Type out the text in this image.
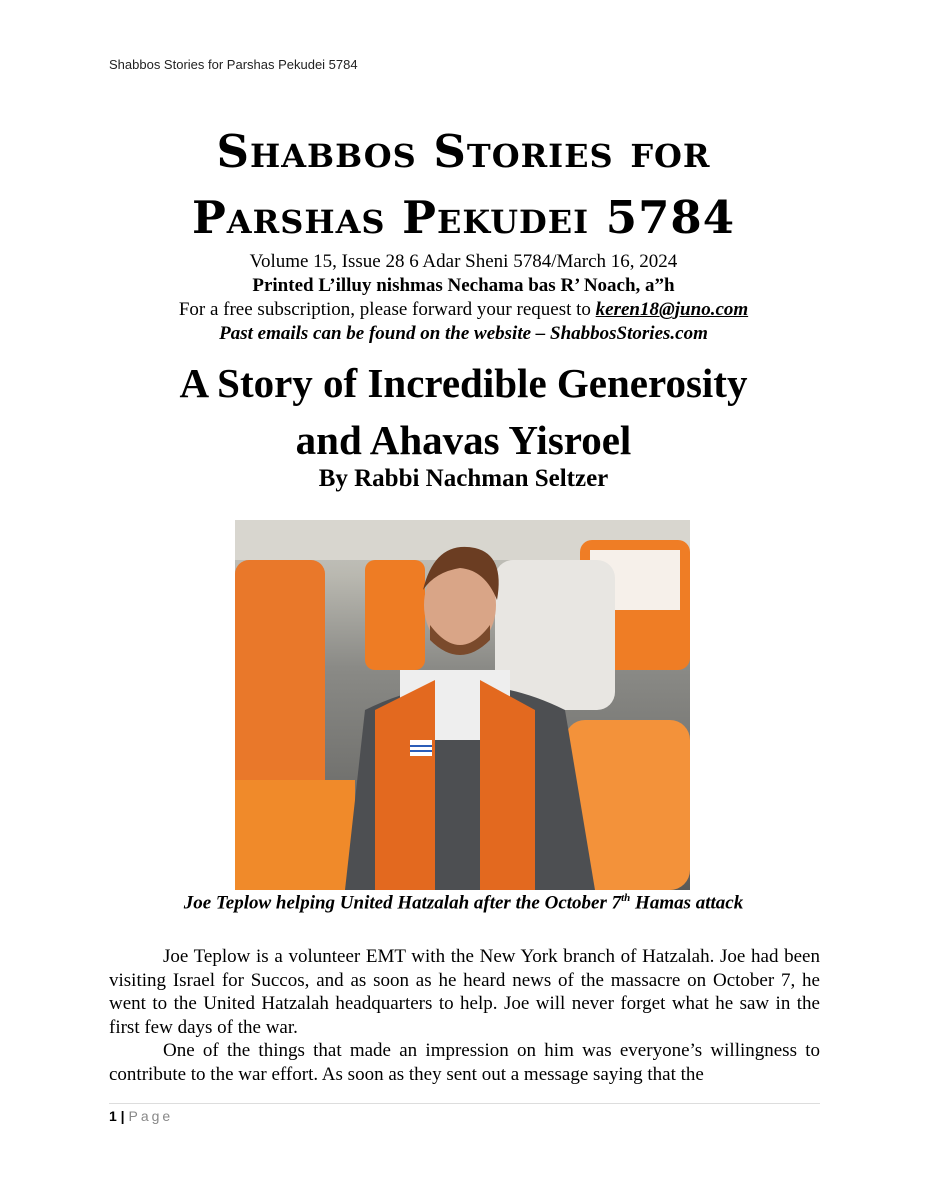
Shabbos Stories for Parshas Pekudei 5784
Shabbos Stories for
Parshas Pekudei 5784
Volume 15, Issue 28 6 Adar Sheni 5784/March 16, 2024
Printed L’illuy nishmas Nechama bas R’ Noach, a”h
For a free subscription, please forward your request to keren18@juno.com
Past emails can be found on the website – ShabbosStories.com
A Story of Incredible Generosity
and Ahavas Yisroel
By Rabbi Nachman Seltzer
Joe Teplow helping United Hatzalah after the October 7th Hamas attack

Joe Teplow is a volunteer EMT with the New York branch of Hatzalah. Joe had been visiting Israel for Succos, and as soon as he heard news of the massacre on October 7, he went to the United Hatzalah headquarters to help. Joe will never forget what he saw in the first few days of the war.

One of the things that made an impression on him was everyone’s willingness to contribute to the war effort. As soon as they sent out a message saying that the

1 | Page
